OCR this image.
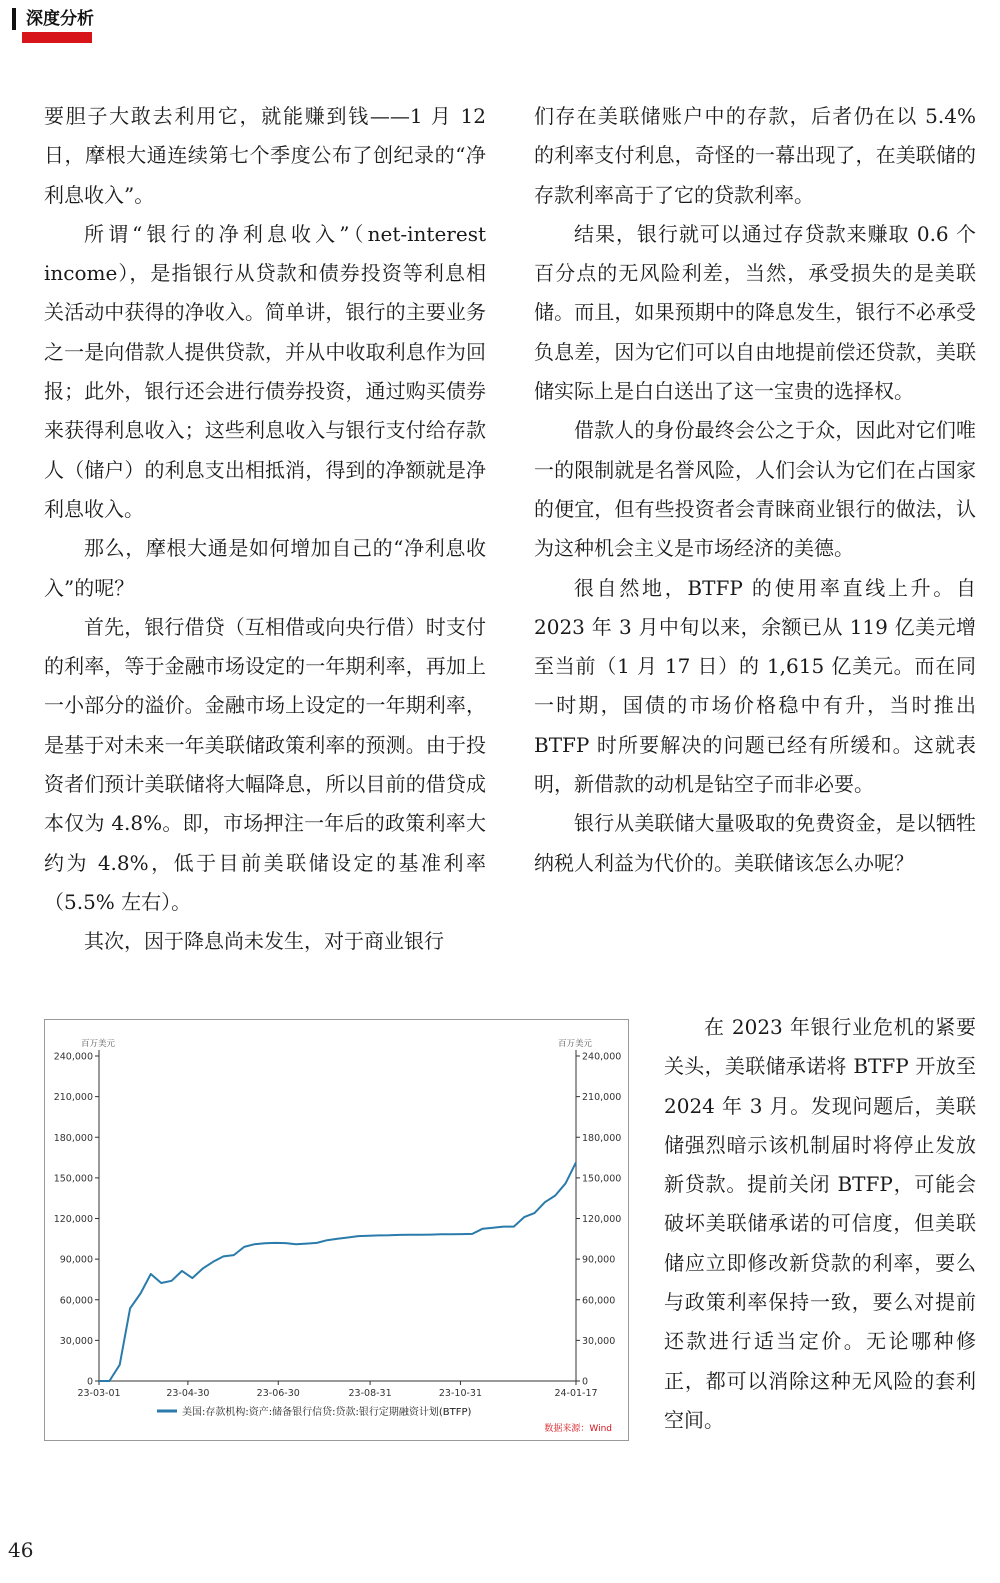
深度分析

要胆子大敢去利用它，就能赚到钱——1 月 12 日，摩根大通连续第七个季度公布了创纪录的“净利息收入”。

所谓“银行的净利息收入”（net-interest income），是指银行从贷款和债券投资等利息相关活动中获得的净收入。简单讲，银行的主要业务之一是向借款人提供贷款，并从中收取利息作为回报；此外，银行还会进行债券投资，通过购买债券来获得利息收入；这些利息收入与银行支付给存款人（储户）的利息支出相抵消，得到的净额就是净利息收入。

那么，摩根大通是如何增加自己的“净利息收入”的呢？

首先，银行借贷（互相借或向央行借）时支付的利率，等于金融市场设定的一年期利率，再加上一小部分的溢价。金融市场上设定的一年期利率，是基于对未来一年美联储政策利率的预测。由于投资者们预计美联储将大幅降息，所以目前的借贷成本仅为 4.8%。即，市场押注一年后的政策利率大约为 4.8%，低于目前美联储设定的基准利率（5.5% 左右）。

其次，因于降息尚未发生，对于商业银行

们存在美联储账户中的存款，后者仍在以 5.4% 的利率支付利息，奇怪的一幕出现了，在美联储的存款利率高于了它的贷款利率。

结果，银行就可以通过存贷款来赚取 0.6 个百分点的无风险利差，当然，承受损失的是美联储。而且，如果预期中的降息发生，银行不必承受负息差，因为它们可以自由地提前偿还贷款，美联储实际上是白白送出了这一宝贵的选择权。

借款人的身份最终会公之于众，因此对它们唯一的限制就是名誉风险，人们会认为它们在占国家的便宜，但有些投资者会青睐商业银行的做法，认为这种机会主义是市场经济的美德。

很自然地，BTFP 的使用率直线上升。自 2023 年 3 月中旬以来，余额已从 119 亿美元增至当前（1 月 17 日）的 1,615 亿美元。而在同一时期，国债的市场价格稳中有升，当时推出 BTFP 时所要解决的问题已经有所缓和。这就表明，新借款的动机是钻空子而非必要。

银行从美联储大量吸取的免费资金，是以牺牲纳税人利益为代价的。美联储该怎么办呢？

在 2023 年银行业危机的紧要关头，美联储承诺将 BTFP 开放至 2024 年 3 月。发现问题后，美联储强烈暗示该机制届时将停止发放新贷款。提前关闭 BTFP，可能会破坏美联储承诺的可信度，但美联储应立即修改新贷款的利率，要么与政策利率保持一致，要么对提前还款进行适当定价。无论哪种修正，都可以消除这种无风险的套利空间。

百万美元	百万美元
0	0
30,000	30,000
60,000	60,000
90,000	90,000
120,000	120,000
150,000	150,000
180,000	180,000
210,000	210,000
240,000	240,000
23-03-01	23-04-30	23-06-30	23-08-31	23-10-31	24-01-17
美国:存款机构:资产:储备银行信贷:贷款:银行定期融资计划(BTFP)
数据来源：Wind
46
